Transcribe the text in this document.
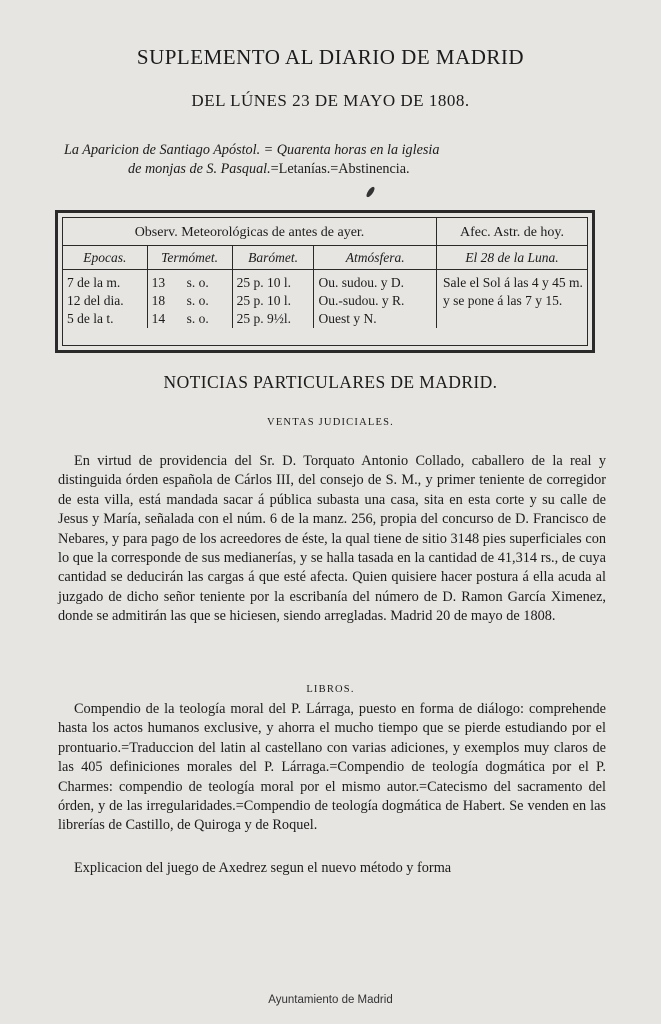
SUPLEMENTO AL DIARIO DE MADRID
DEL LÚNES 23 DE MAYO DE 1808.
La Aparicion de Santiago Apóstol. = Quarenta horas en la iglesia
de monjas de S. Pasqual.=Letanías.=Abstinencia.
Observ. Meteorológicas de antes de ayer.					Afec. Astr. de hoy.
Epocas.	Termómet.		Barómet.	Atmósfera.	El 28 de la Luna.
7 de la m.	13	s. o.	25 p. 10 l.	Ou. sudou. y D.	Sale el Sol á las 4 y 45 m. y se pone á las 7 y 15.
12 del dia.	18	s. o.	25 p. 10 l.	Ou.-sudou. y R.	
5 de la t.	14	s. o.	25 p. 9½l.	Ouest y N.	
NOTICIAS PARTICULARES DE MADRID.
VENTAS JUDICIALES.
En virtud de providencia del Sr. D. Torquato Antonio Collado, caballero de la real y distinguida órden española de Cárlos III, del consejo de S. M., y primer teniente de corregidor de esta villa, está mandada sacar á pública subasta una casa, sita en esta corte y su calle de Jesus y María, señalada con el núm. 6 de la manz. 256, propia del concurso de D. Francisco de Nebares, y para pago de los acreedores de éste, la qual tiene de sitio 3148 pies superficiales con lo que la corresponde de sus medianerías, y se halla tasada en la cantidad de 41,314 rs., de cuya cantidad se deducirán las cargas á que esté afecta. Quien quisiere hacer postura á ella acuda al juzgado de dicho señor teniente por la escribanía del número de D. Ramon García Ximenez, donde se admitirán las que se hiciesen, siendo arregladas. Madrid 20 de mayo de 1808.
LIBROS.
Compendio de la teología moral del P. Lárraga, puesto en forma de diálogo: comprehende hasta los actos humanos exclusive, y ahorra el mucho tiempo que se pierde estudiando por el prontuario.=Traduccion del latin al castellano con varias adiciones, y exemplos muy claros de las 405 definiciones morales del P. Lárraga.=Compendio de teología dogmática por el P. Charmes: compendio de teología moral por el mismo autor.=Catecismo del sacramento del órden, y de las irregularidades.=Compendio de teología dogmática de Habert. Se venden en las librerías de Castillo, de Quiroga y de Roquel.
Explicacion del juego de Axedrez segun el nuevo método y forma
Ayuntamiento de Madrid
